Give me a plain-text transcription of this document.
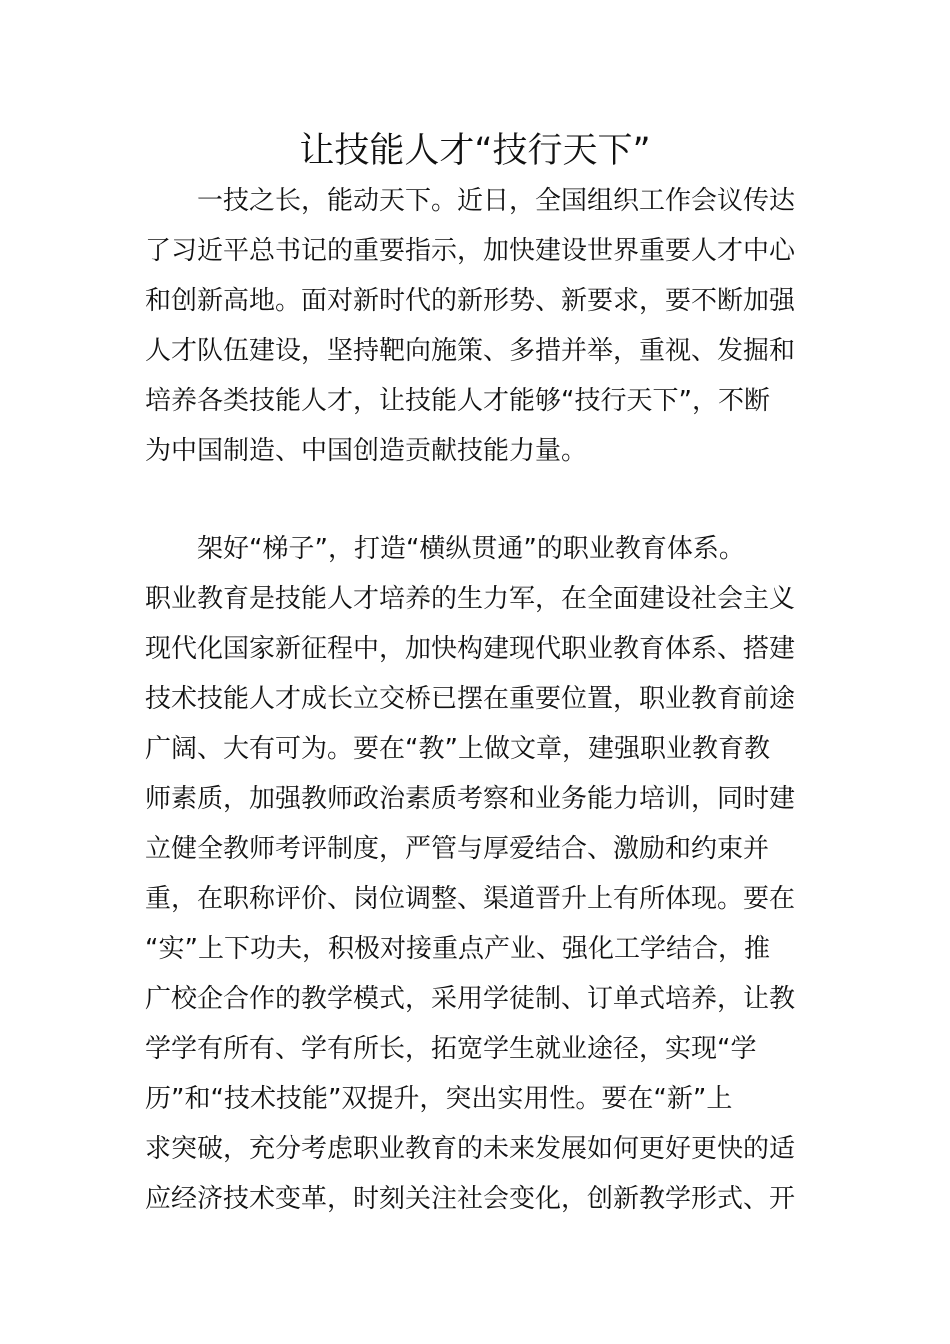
让技能人才“技行天下”
一技之长，能动天下。近日，全国组织工作会议传达
了习近平总书记的重要指示，加快建设世界重要人才中心
和创新高地。面对新时代的新形势、新要求，要不断加强
人才队伍建设，坚持靶向施策、多措并举，重视、发掘和
培养各类技能人才，让技能人才能够“技行天下”，不断
为中国制造、中国创造贡献技能力量。
架好“梯子”，打造“横纵贯通”的职业教育体系。
职业教育是技能人才培养的生力军，在全面建设社会主义
现代化国家新征程中，加快构建现代职业教育体系、搭建
技术技能人才成长立交桥已摆在重要位置，职业教育前途
广阔、大有可为。要在“教”上做文章，建强职业教育教
师素质，加强教师政治素质考察和业务能力培训，同时建
立健全教师考评制度，严管与厚爱结合、激励和约束并
重，在职称评价、岗位调整、渠道晋升上有所体现。要在
“实”上下功夫，积极对接重点产业、强化工学结合，推
广校企合作的教学模式，采用学徒制、订单式培养，让教
学学有所有、学有所长，拓宽学生就业途径，实现“学
历”和“技术技能”双提升，突出实用性。要在“新”上
求突破，充分考虑职业教育的未来发展如何更好更快的适
应经济技术变革，时刻关注社会变化，创新教学形式、开
